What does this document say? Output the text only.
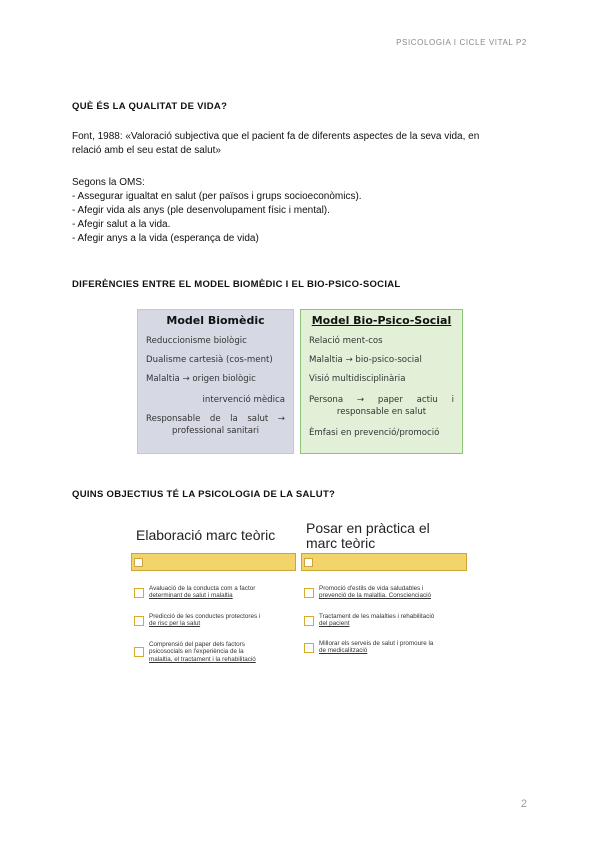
PSICOLOGIA I CICLE VITAL P2
QUÈ ÉS LA QUALITAT DE VIDA?
Font, 1988: «Valoració subjectiva que el pacient fa de diferents aspectes de la seva vida, en
relació amb el seu estat de salut»
Segons la OMS:
- Assegurar igualtat en salut (per països i grups socioeconòmics).
- Afegir vida als anys (ple desenvolupament físic i mental).
- Afegir salut a la vida.
- Afegir anys a la vida (esperança de vida)
DIFERÈNCIES ENTRE EL MODEL BIOMÈDIC I EL BIO-PSICO-SOCIAL
Model Biomèdic
Reduccionisme biològic
Dualisme cartesià (cos-ment)
Malaltia → origen biològic
intervenció mèdica
Responsable de la salut →
professional sanitari
Model Bio-Psico-Social
Relació ment-cos
Malaltia → bio-psico-social
Visió multidisciplinària
Persona → paper actiu i
responsable en salut
Èmfasi en prevenció/promoció
QUINS OBJECTIUS TÉ LA PSICOLOGIA DE LA SALUT?
Elaboració marc teòric Posar en pràctica el
marc teòric
Avaluació de la conducta com a factor
determinant de salut i malaltia
Predicció de les conductes protectores i
de risc per la salut
Comprensió del paper dels factors
psicosocials en l'experiència de la
malaltia, el tractament i la rehabilitació
Promoció d'estils de vida saludables i
prevenció de la malaltia. Conscienciació
Tractament de les malalties i rehabilitació
del pacient
Millorar els serveis de salut i promoure la
de medicalització
2
